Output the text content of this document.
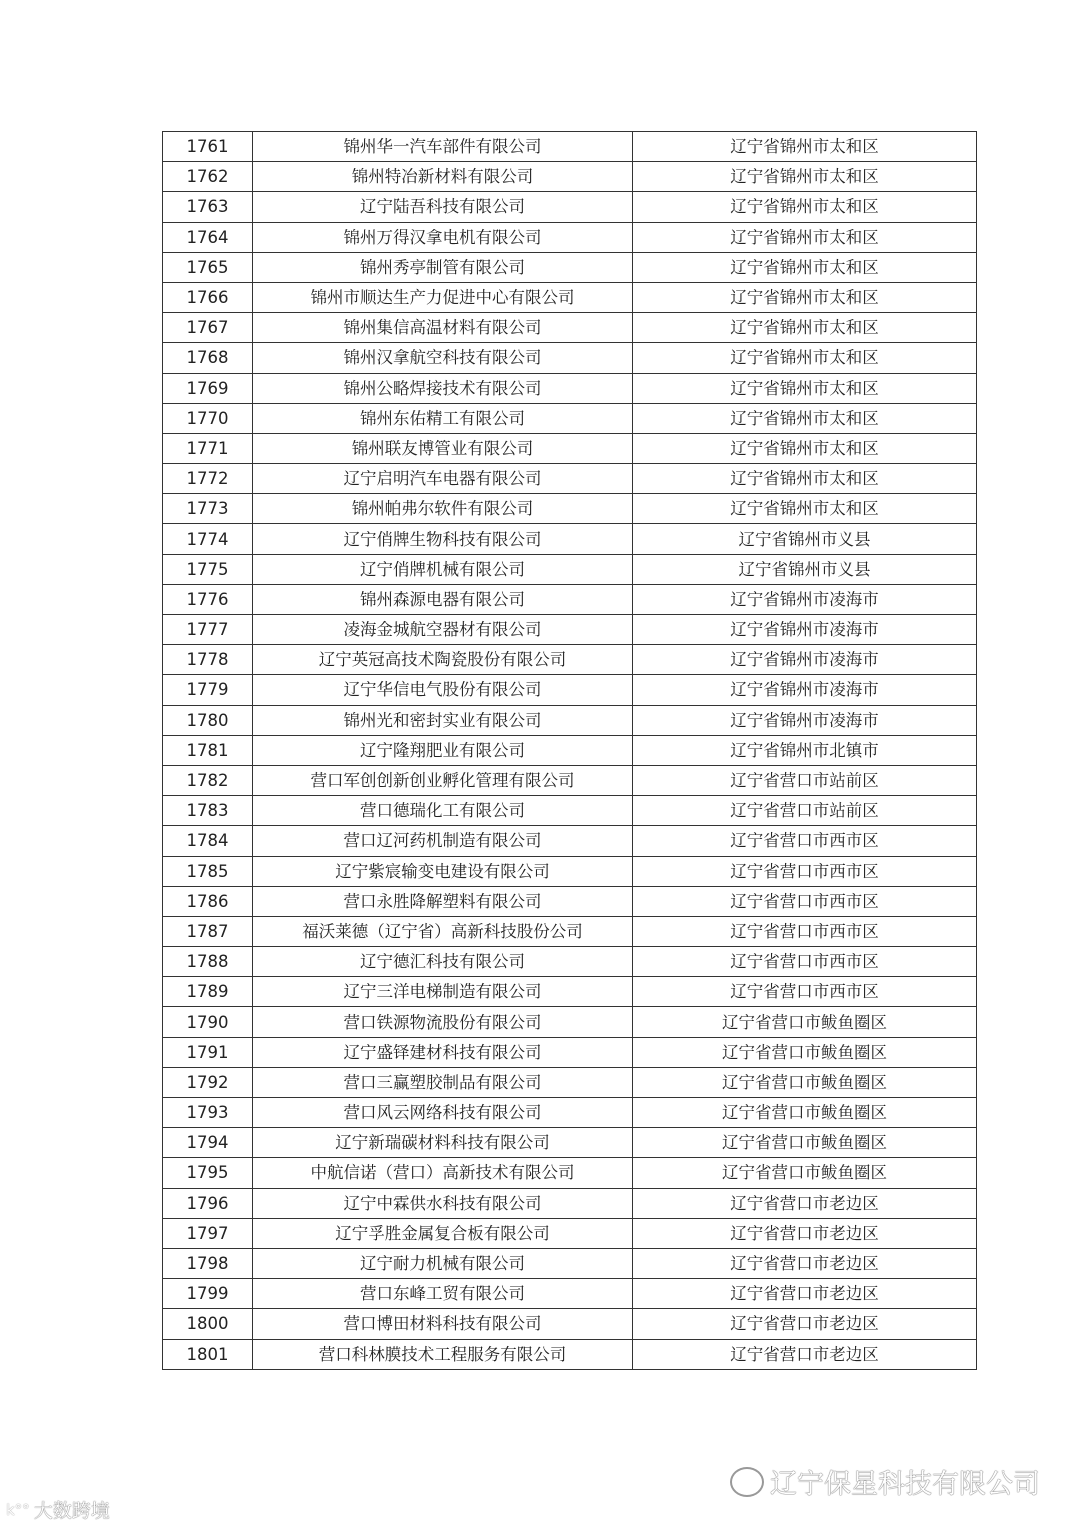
1761	锦州华一汽车部件有限公司	辽宁省锦州市太和区
1762	锦州特冶新材料有限公司	辽宁省锦州市太和区
1763	辽宁陆吾科技有限公司	辽宁省锦州市太和区
1764	锦州万得汉拿电机有限公司	辽宁省锦州市太和区
1765	锦州秀亭制管有限公司	辽宁省锦州市太和区
1766	锦州市顺达生产力促进中心有限公司	辽宁省锦州市太和区
1767	锦州集信高温材料有限公司	辽宁省锦州市太和区
1768	锦州汉拿航空科技有限公司	辽宁省锦州市太和区
1769	锦州公略焊接技术有限公司	辽宁省锦州市太和区
1770	锦州东佑精工有限公司	辽宁省锦州市太和区
1771	锦州联友博管业有限公司	辽宁省锦州市太和区
1772	辽宁启明汽车电器有限公司	辽宁省锦州市太和区
1773	锦州帕弗尔软件有限公司	辽宁省锦州市太和区
1774	辽宁俏牌生物科技有限公司	辽宁省锦州市义县
1775	辽宁俏牌机械有限公司	辽宁省锦州市义县
1776	锦州森源电器有限公司	辽宁省锦州市凌海市
1777	凌海金城航空器材有限公司	辽宁省锦州市凌海市
1778	辽宁英冠高技术陶瓷股份有限公司	辽宁省锦州市凌海市
1779	辽宁华信电气股份有限公司	辽宁省锦州市凌海市
1780	锦州光和密封实业有限公司	辽宁省锦州市凌海市
1781	辽宁隆翔肥业有限公司	辽宁省锦州市北镇市
1782	营口军创创新创业孵化管理有限公司	辽宁省营口市站前区
1783	营口德瑞化工有限公司	辽宁省营口市站前区
1784	营口辽河药机制造有限公司	辽宁省营口市西市区
1785	辽宁紫宸输变电建设有限公司	辽宁省营口市西市区
1786	营口永胜降解塑料有限公司	辽宁省营口市西市区
1787	福沃莱德（辽宁省）高新科技股份公司	辽宁省营口市西市区
1788	辽宁德汇科技有限公司	辽宁省营口市西市区
1789	辽宁三洋电梯制造有限公司	辽宁省营口市西市区
1790	营口铁源物流股份有限公司	辽宁省营口市鲅鱼圈区
1791	辽宁盛铎建材科技有限公司	辽宁省营口市鲅鱼圈区
1792	营口三赢塑胶制品有限公司	辽宁省营口市鲅鱼圈区
1793	营口风云网络科技有限公司	辽宁省营口市鲅鱼圈区
1794	辽宁新瑞碳材料科技有限公司	辽宁省营口市鲅鱼圈区
1795	中航信诺（营口）高新技术有限公司	辽宁省营口市鲅鱼圈区
1796	辽宁中霖供水科技有限公司	辽宁省营口市老边区
1797	辽宁孚胜金属复合板有限公司	辽宁省营口市老边区
1798	辽宁耐力机械有限公司	辽宁省营口市老边区
1799	营口东峰工贸有限公司	辽宁省营口市老边区
1800	营口博田材料科技有限公司	辽宁省营口市老边区
1801	营口科林膜技术工程服务有限公司	辽宁省营口市老边区
辽宁保星科技有限公司
k°° 大数跨境
